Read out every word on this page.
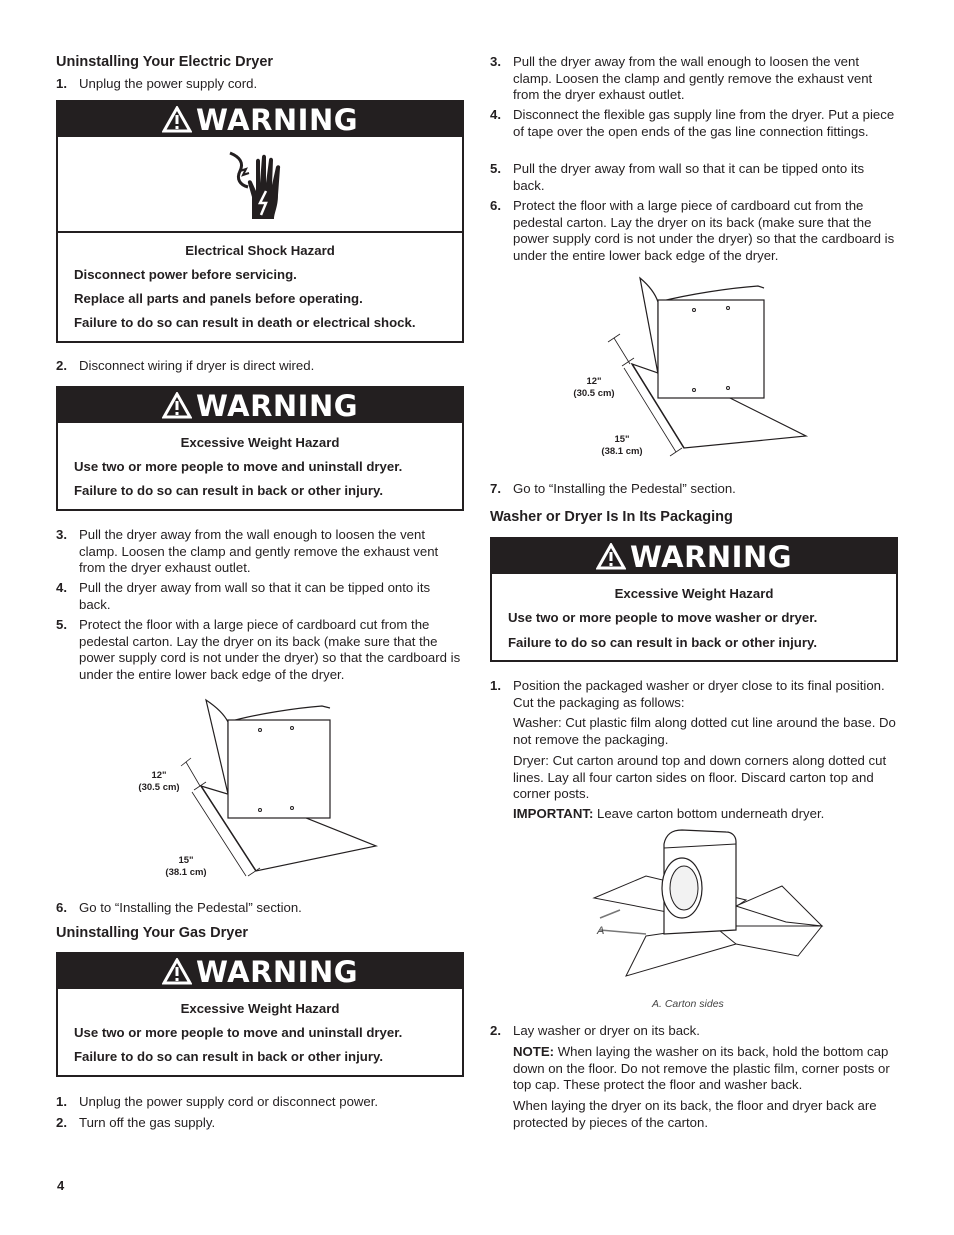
Uninstalling Your Electric Dryer
1. Unplug the power supply cord.
WARNING
Electrical Shock Hazard
Disconnect power before servicing.
Replace all parts and panels before operating.
Failure to do so can result in death or electrical shock.
2. Disconnect wiring if dryer is direct wired.
WARNING
Excessive Weight Hazard
Use two or more people to move and uninstall dryer.
Failure to do so can result in back or other injury.
3. Pull the dryer away from the wall enough to loosen the vent clamp. Loosen the clamp and gently remove the exhaust vent from the dryer exhaust outlet.
4. Pull the dryer away from wall so that it can be tipped onto its back.
5. Protect the floor with a large piece of cardboard cut from the pedestal carton. Lay the dryer on its back (make sure that the power supply cord is not under the dryer) so that the cardboard is under the entire lower back edge of the dryer.
12"
(30.5 cm)
15"
(38.1 cm)
6. Go to “Installing the Pedestal” section.
Uninstalling Your Gas Dryer
WARNING
Excessive Weight Hazard
Use two or more people to move and uninstall dryer.
Failure to do so can result in back or other injury.
1. Unplug the power supply cord or disconnect power.
2. Turn off the gas supply.
3. Pull the dryer away from the wall enough to loosen the vent clamp. Loosen the clamp and gently remove the exhaust vent from the dryer exhaust outlet.
4. Disconnect the flexible gas supply line from the dryer. Put a piece of tape over the open ends of the gas line connection fittings.
5. Pull the dryer away from wall so that it can be tipped onto its back.
6. Protect the floor with a large piece of cardboard cut from the pedestal carton. Lay the dryer on its back (make sure that the power supply cord is not under the dryer) so that the cardboard is under the entire lower back edge of the dryer.
12"
(30.5 cm)
15"
(38.1 cm)
7. Go to “Installing the Pedestal” section.
Washer or Dryer Is In Its Packaging
WARNING
Excessive Weight Hazard
Use two or more people to move washer or dryer.
Failure to do so can result in back or other injury.
1. Position the packaged washer or dryer close to its final position. Cut the packaging as follows:
Washer: Cut plastic film along dotted cut line around the base. Do not remove the packaging.
Dryer: Cut carton around top and down corners along dotted cut lines. Lay all four carton sides on floor. Discard carton top and corner posts.
IMPORTANT: Leave carton bottom underneath dryer.
A
A. Carton sides
2. Lay washer or dryer on its back.
NOTE: When laying the washer on its back, hold the bottom cap down on the floor. Do not remove the plastic film, corner posts or top cap. These protect the floor and washer back.
When laying the dryer on its back, the floor and dryer back are protected by pieces of the carton.
4
